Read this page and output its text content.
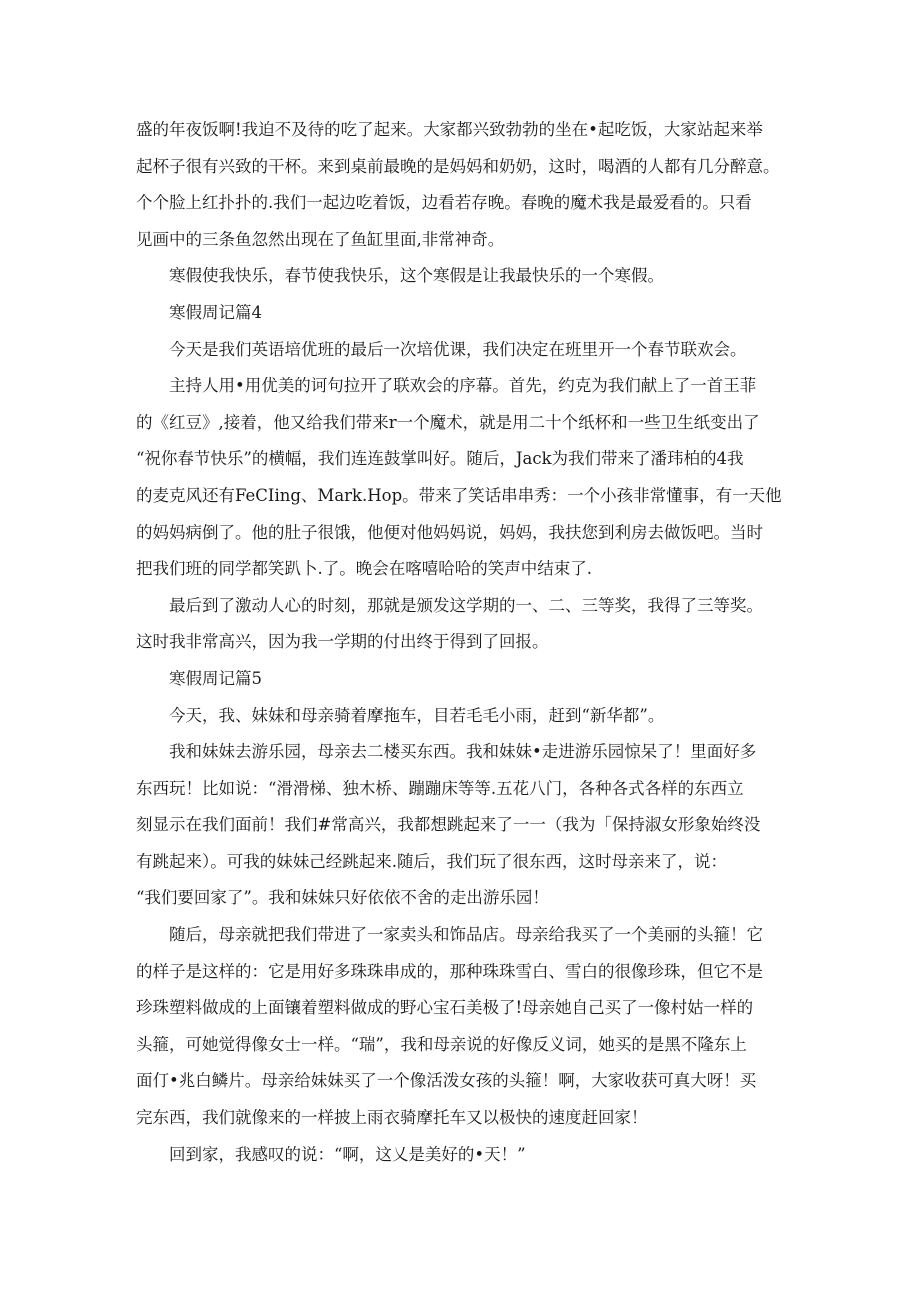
盛的年夜饭啊!我迫不及待的吃了起来。大家都兴致勃勃的坐在•起吃饭，大家站起来举
起杯子很有兴致的干杯。来到桌前最晚的是妈妈和奶奶，这时，喝酒的人都有几分醉意。
个个脸上红扑扑的.我们一起边吃着饭，边看若存晚。春晚的魔术我是最爱看的。只看
见画中的三条鱼忽然出现在了鱼缸里面,非常神奇。
寒假使我快乐，春节使我快乐，这个寒假是让我最快乐的一个寒假。
寒假周记篇4
今天是我们英语培优班的最后一次培优课，我们决定在班里开一个春节联欢会。
主持人用•用优美的诃句拉开了联欢会的序幕。首先，约克为我们献上了一首王菲
的《红豆》,接着，他又给我们带来r一个魔术，就是用二十个纸杯和一些卫生纸变出了
“祝你春节快乐”的横幅，我们连连鼓掌叫好。随后，Jack为我们带来了潘玮柏的4我
的麦克风还有FeCIing、Mark.Hop。带来了笑话串串秀：一个小孩非常懂事，有一天他
的妈妈病倒了。他的肚子很饿，他便对他妈妈说，妈妈，我扶您到利房去做饭吧。当时
把我们班的同学都笑趴卜.了。晚会在喀嘻哈哈的笑声中结束了.
最后到了激动人心的时刻，那就是颁发这学期的一、二、三等奖，我得了三等奖。
这时我非常高兴，因为我一学期的付出终于得到了回报。
寒假周记篇5
今天，我、妹妹和母亲骑着摩拖车，目若毛毛小雨，赶到“新华都”。
我和妹妹去游乐园，母亲去二楼买东西。我和妹妹•走进游乐园惊呆了！里面好多
东西玩！比如说：“滑滑梯、独木桥、蹦蹦床等等.五花八门，各种各式各样的东西立
刻显示在我们面前！我们#常高兴，我都想跳起来了一一（我为「保持淑女形象始终没
有跳起来）。可我的妹妹己经跳起来.随后，我们玩了很东西，这时母亲来了，说：
“我们要回家了”。我和妹妹只好依依不舍的走出游乐园！
随后，母亲就把我们带进了一家卖头和饰品店。母亲给我买了一个美丽的头箍！它
的样子是这样的：它是用好多珠珠串成的，那种珠珠雪白、雪白的很像珍珠，但它不是
珍珠塑料做成的上面镶着塑料做成的野心宝石美极了!母亲她自己买了一像村姑一样的
头箍，可她觉得像女士一样。“瑞”，我和母亲说的好像反义词，她买的是黑不隆东上
面仃•兆白鳞片。母亲给妹妹买了一个像活泼女孩的头箍！啊，大家收获可真大呀！买
完东西，我们就像来的一样披上雨衣骑摩托车又以极快的速度赶回家！
回到家，我感叹的说：“啊，这乂是美好的•天！”
